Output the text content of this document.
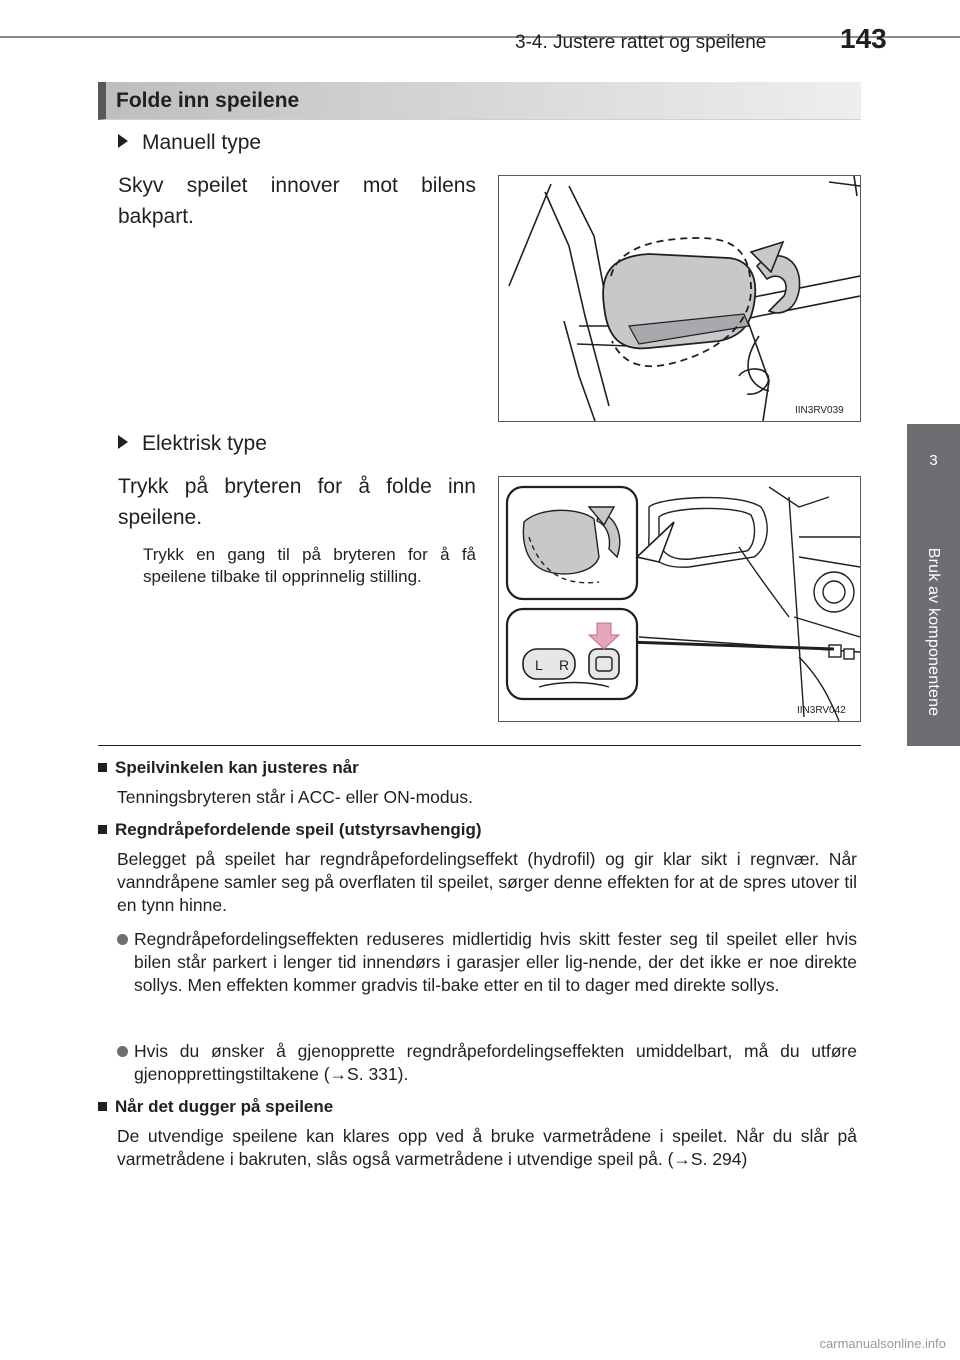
3-4. Justere rattet og speilene	143
3
Bruk av komponentene
Folde inn speilene
Manuell type
Skyv speilet innover mot bilens bakpart.
IIN3RV039
Elektrisk type
Trykk på bryteren for å folde inn speilene.
Trykk en gang til på bryteren for å få speilene tilbake til opprinnelig stilling.
L R
IIN3RV042
Speilvinkelen kan justeres når
Tenningsbryteren står i ACC- eller ON-modus.
Regndråpefordelende speil (utstyrsavhengig)
Belegget på speilet har regndråpefordelingseffekt (hydrofil) og gir klar sikt i regnvær. Når vanndråpene samler seg på overflaten til speilet, sørger denne effekten for at de spres utover til en tynn hinne.
Regndråpefordelingseffekten reduseres midlertidig hvis skitt fester seg til speilet eller hvis bilen står parkert i lenger tid innendørs i garasjer eller lig-nende, der det ikke er noe direkte sollys. Men effekten kommer gradvis til-bake etter en til to dager med direkte sollys.
Hvis du ønsker å gjenopprette regndråpefordelingseffekten umiddelbart, må du utføre gjenopprettingstiltakene (→S. 331).
Når det dugger på speilene
De utvendige speilene kan klares opp ved å bruke varmetrådene i speilet. Når du slår på varmetrådene i bakruten, slås også varmetrådene i utvendige speil på. (→S. 294)
carmanualsonline.info
